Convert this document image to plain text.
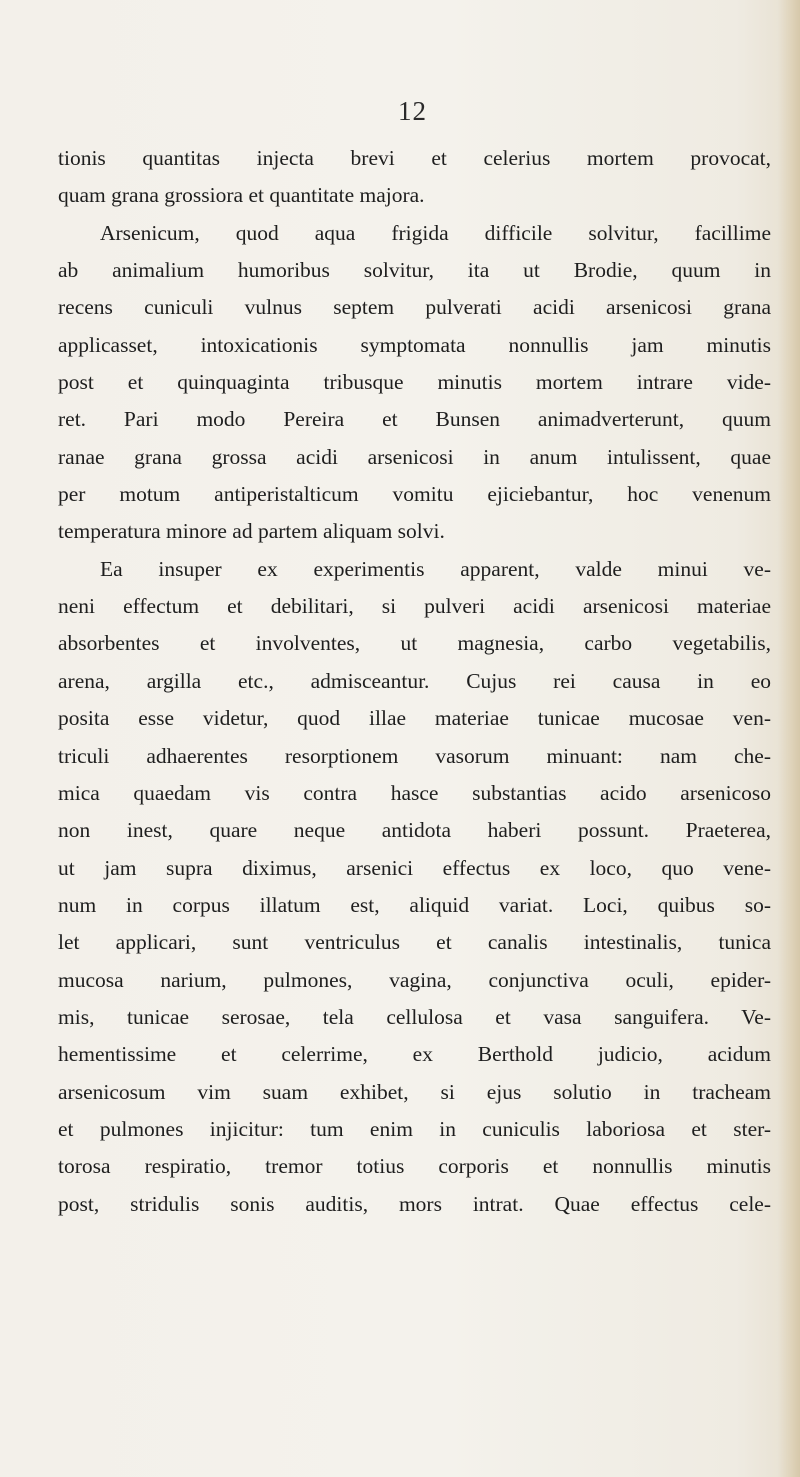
12
tionis quantitas injecta brevi et celerius mortem provocat,
quam grana grossiora et quantitate majora.
Arsenicum, quod aqua frigida difficile solvitur, facillime
ab animalium humoribus solvitur, ita ut Brodie, quum in
recens cuniculi vulnus septem pulverati acidi arsenicosi grana
applicasset, intoxicationis symptomata nonnullis jam minutis
post et quinquaginta tribusque minutis mortem intrare vide-
ret. Pari modo Pereira et Bunsen animadverterunt, quum
ranae grana grossa acidi arsenicosi in anum intulissent, quae
per motum antiperistalticum vomitu ejiciebantur, hoc venenum
temperatura minore ad partem aliquam solvi.
Ea insuper ex experimentis apparent, valde minui ve-
neni effectum et debilitari, si pulveri acidi arsenicosi materiae
absorbentes et involventes, ut magnesia, carbo vegetabilis,
arena, argilla etc., admisceantur. Cujus rei causa in eo
posita esse videtur, quod illae materiae tunicae mucosae ven-
triculi adhaerentes resorptionem vasorum minuant: nam che-
mica quaedam vis contra hasce substantias acido arsenicoso
non inest, quare neque antidota haberi possunt. Praeterea,
ut jam supra diximus, arsenici effectus ex loco, quo vene-
num in corpus illatum est, aliquid variat. Loci, quibus so-
let applicari, sunt ventriculus et canalis intestinalis, tunica
mucosa narium, pulmones, vagina, conjunctiva oculi, epider-
mis, tunicae serosae, tela cellulosa et vasa sanguifera. Ve-
hementissime et celerrime, ex Berthold judicio, acidum
arsenicosum vim suam exhibet, si ejus solutio in tracheam
et pulmones injicitur: tum enim in cuniculis laboriosa et ster-
torosa respiratio, tremor totius corporis et nonnullis minutis
post, stridulis sonis auditis, mors intrat. Quae effectus cele-
